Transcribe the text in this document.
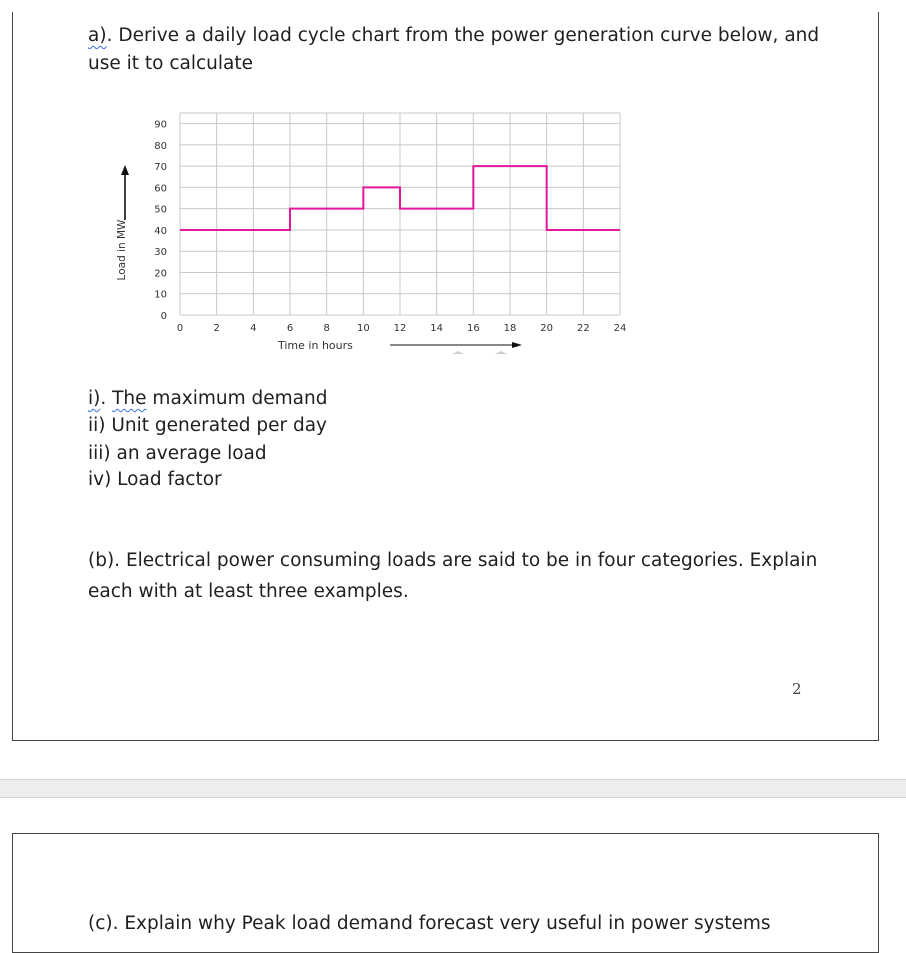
a). Derive a daily load cycle chart from the power generation curve below, and
use it to calculate
0
10
20
30
40
50
60
70
80
90
0	2	4	6	8	10 12 14 16 18 20 22 24
Load in MW
Time in hours
i). The maximum demand
ii) Unit generated per day
iii) an average load
iv) Load factor
(b). Electrical power consuming loads are said to be in four categories. Explain
each with at least three examples.
2
(c). Explain why Peak load demand forecast very useful in power systems
